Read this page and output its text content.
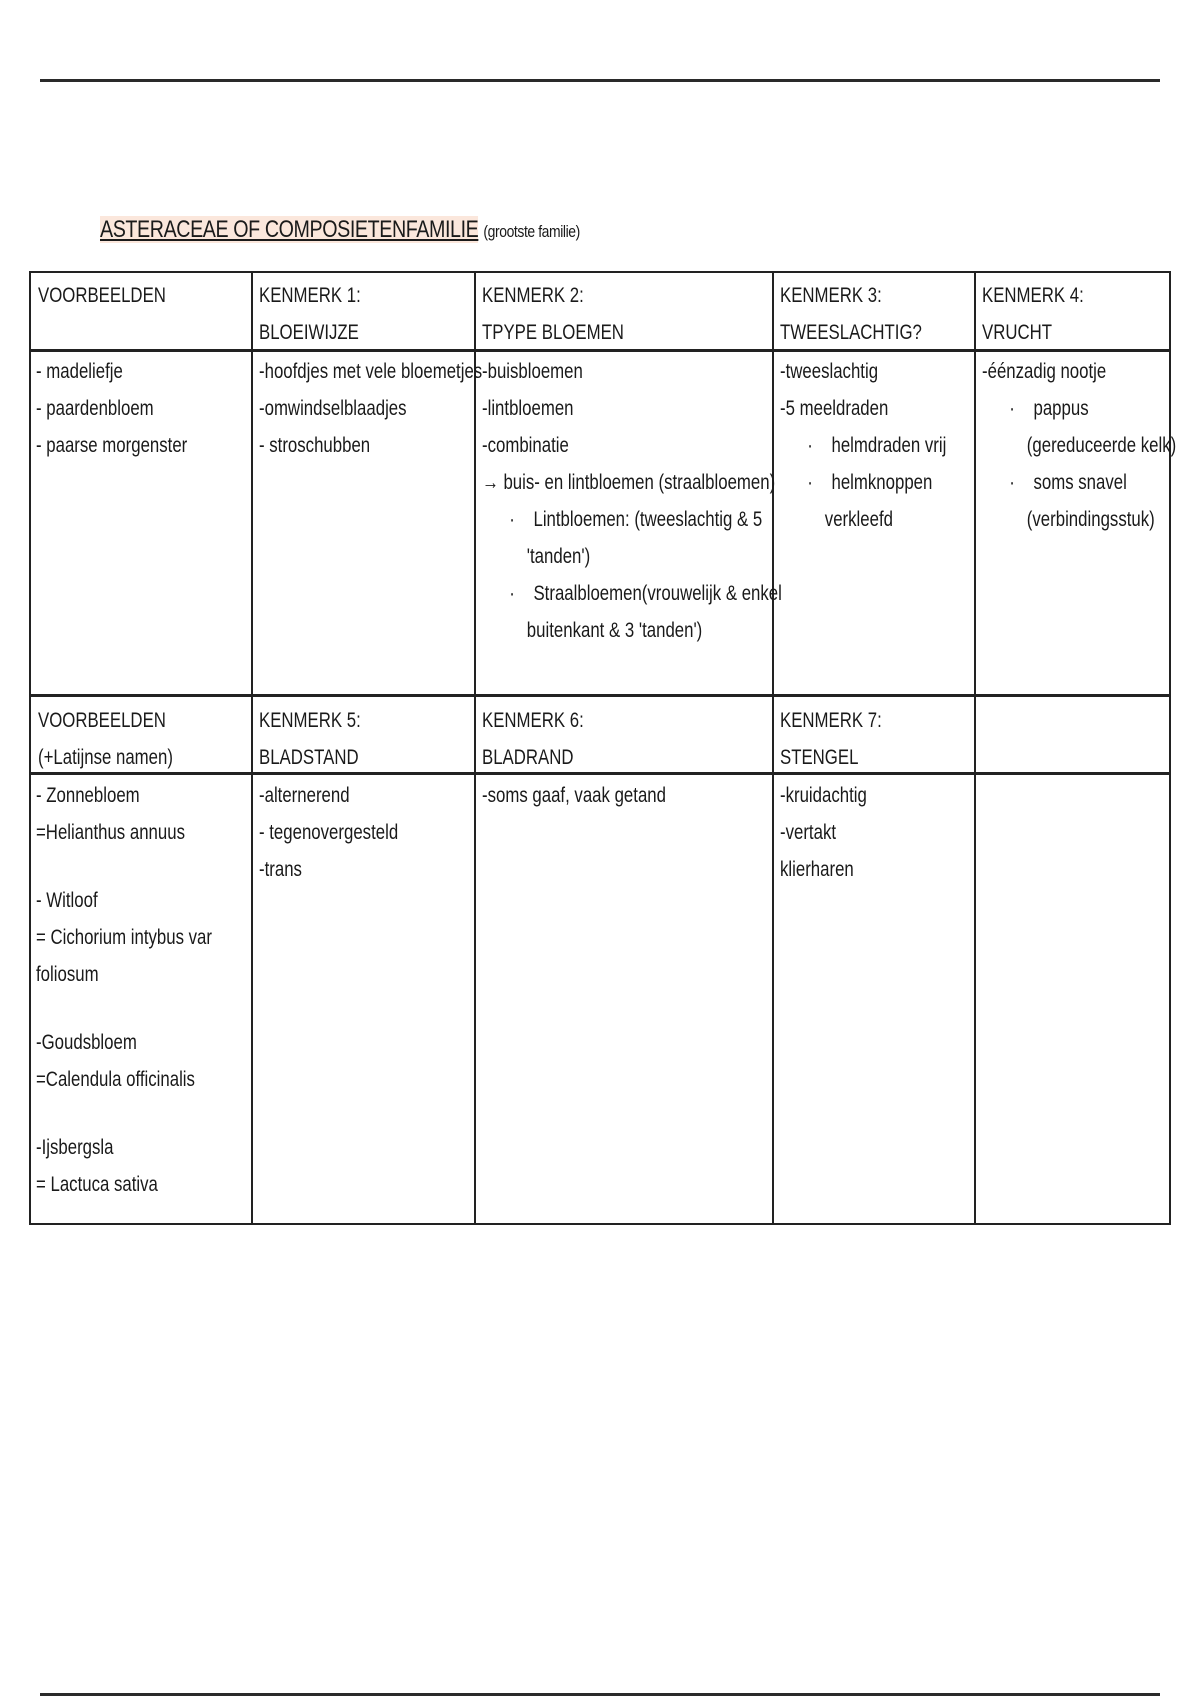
ASTERACEAE OF COMPOSIETENFAMILIE (grootste familie)
VOORBEELDEN	KENMERK 1:
BLOEIWIJZE
KENMERK 2:
TPYPE BLOEMEN
KENMERK 3:
TWEESLACHTIG?
KENMERK 4:
VRUCHT
- madeliefje
- paardenbloem
- paarse morgenster
-hoofdjes met vele bloemetjes
-omwindselblaadjes
- stroschubben
-buisbloemen
-lintbloemen
-combinatie
→ buis- en lintbloemen (straalbloemen)
·    Lintbloemen: (tweeslachtig & 5
'tanden')
·    Straalbloemen(vrouwelijk & enkel
buitenkant & 3 'tanden')
-tweeslachtig
-5 meeldraden
·    helmdraden vrij
·    helmknoppen
verkleefd
-éénzadig nootje
·    pappus
(gereduceerde kelk)
·    soms snavel
(verbindingsstuk)
VOORBEELDEN
(+Latijnse namen)
KENMERK 5:
BLADSTAND
KENMERK 6:
BLADRAND
KENMERK 7:
STENGEL
- Zonnebloem
=Helianthus annuus
- Witloof
= Cichorium intybus var
foliosum
-Goudsbloem
=Calendula officinalis
-Ijsbergsla
= Lactuca sativa
-alternerend
- tegenovergesteld
-trans
-soms gaaf, vaak getand	-kruidachtig
-vertakt
klierharen
